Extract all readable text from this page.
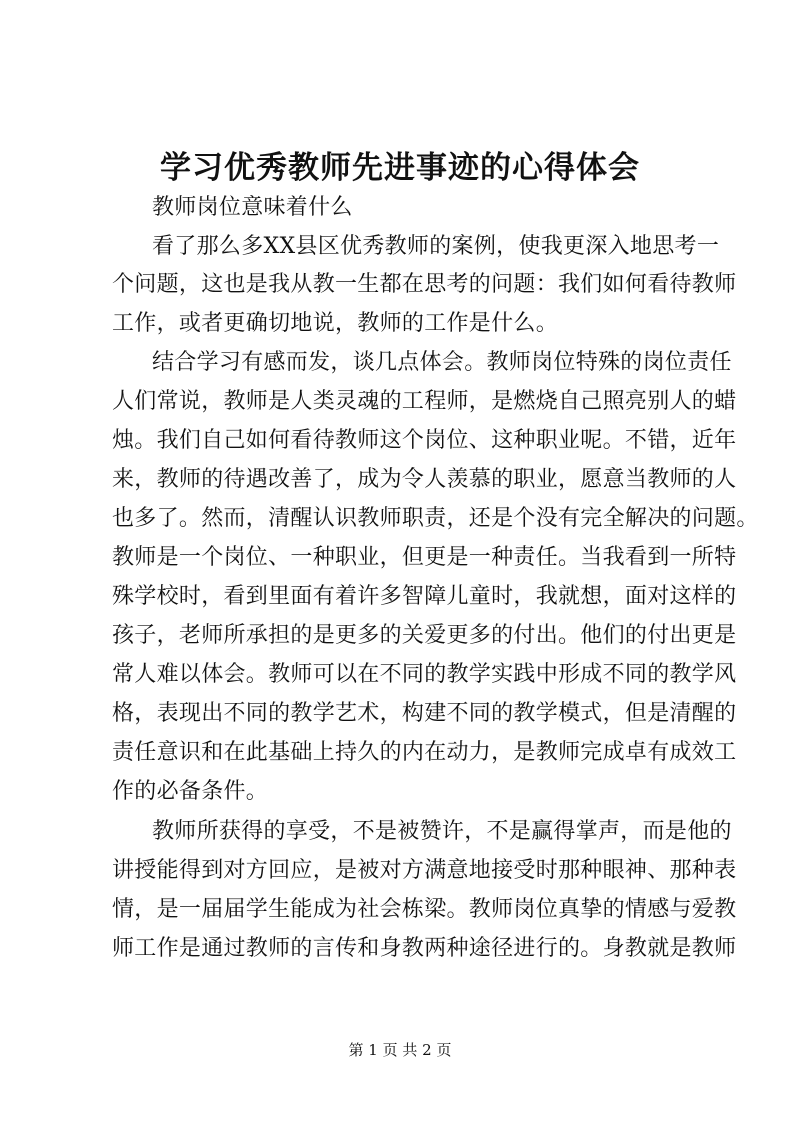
学习优秀教师先进事迹的心得体会
教师岗位意味着什么
看了那么多XX县区优秀教师的案例，使我更深入地思考一
个问题，这也是我从教一生都在思考的问题：我们如何看待教师
工作，或者更确切地说，教师的工作是什么。
结合学习有感而发，谈几点体会。教师岗位特殊的岗位责任
人们常说，教师是人类灵魂的工程师，是燃烧自己照亮别人的蜡
烛。我们自己如何看待教师这个岗位、这种职业呢。不错，近年
来，教师的待遇改善了，成为令人羡慕的职业，愿意当教师的人
也多了。然而，清醒认识教师职责，还是个没有完全解决的问题。
教师是一个岗位、一种职业，但更是一种责任。当我看到一所特
殊学校时，看到里面有着许多智障儿童时，我就想，面对这样的
孩子，老师所承担的是更多的关爱更多的付出。他们的付出更是
常人难以体会。教师可以在不同的教学实践中形成不同的教学风
格，表现出不同的教学艺术，构建不同的教学模式，但是清醒的
责任意识和在此基础上持久的内在动力，是教师完成卓有成效工
作的必备条件。
教师所获得的享受，不是被赞许，不是赢得掌声，而是他的
讲授能得到对方回应，是被对方满意地接受时那种眼神、那种表
情，是一届届学生能成为社会栋梁。教师岗位真挚的情感与爱教
师工作是通过教师的言传和身教两种途径进行的。身教就是教师
第 1 页 共 2 页
